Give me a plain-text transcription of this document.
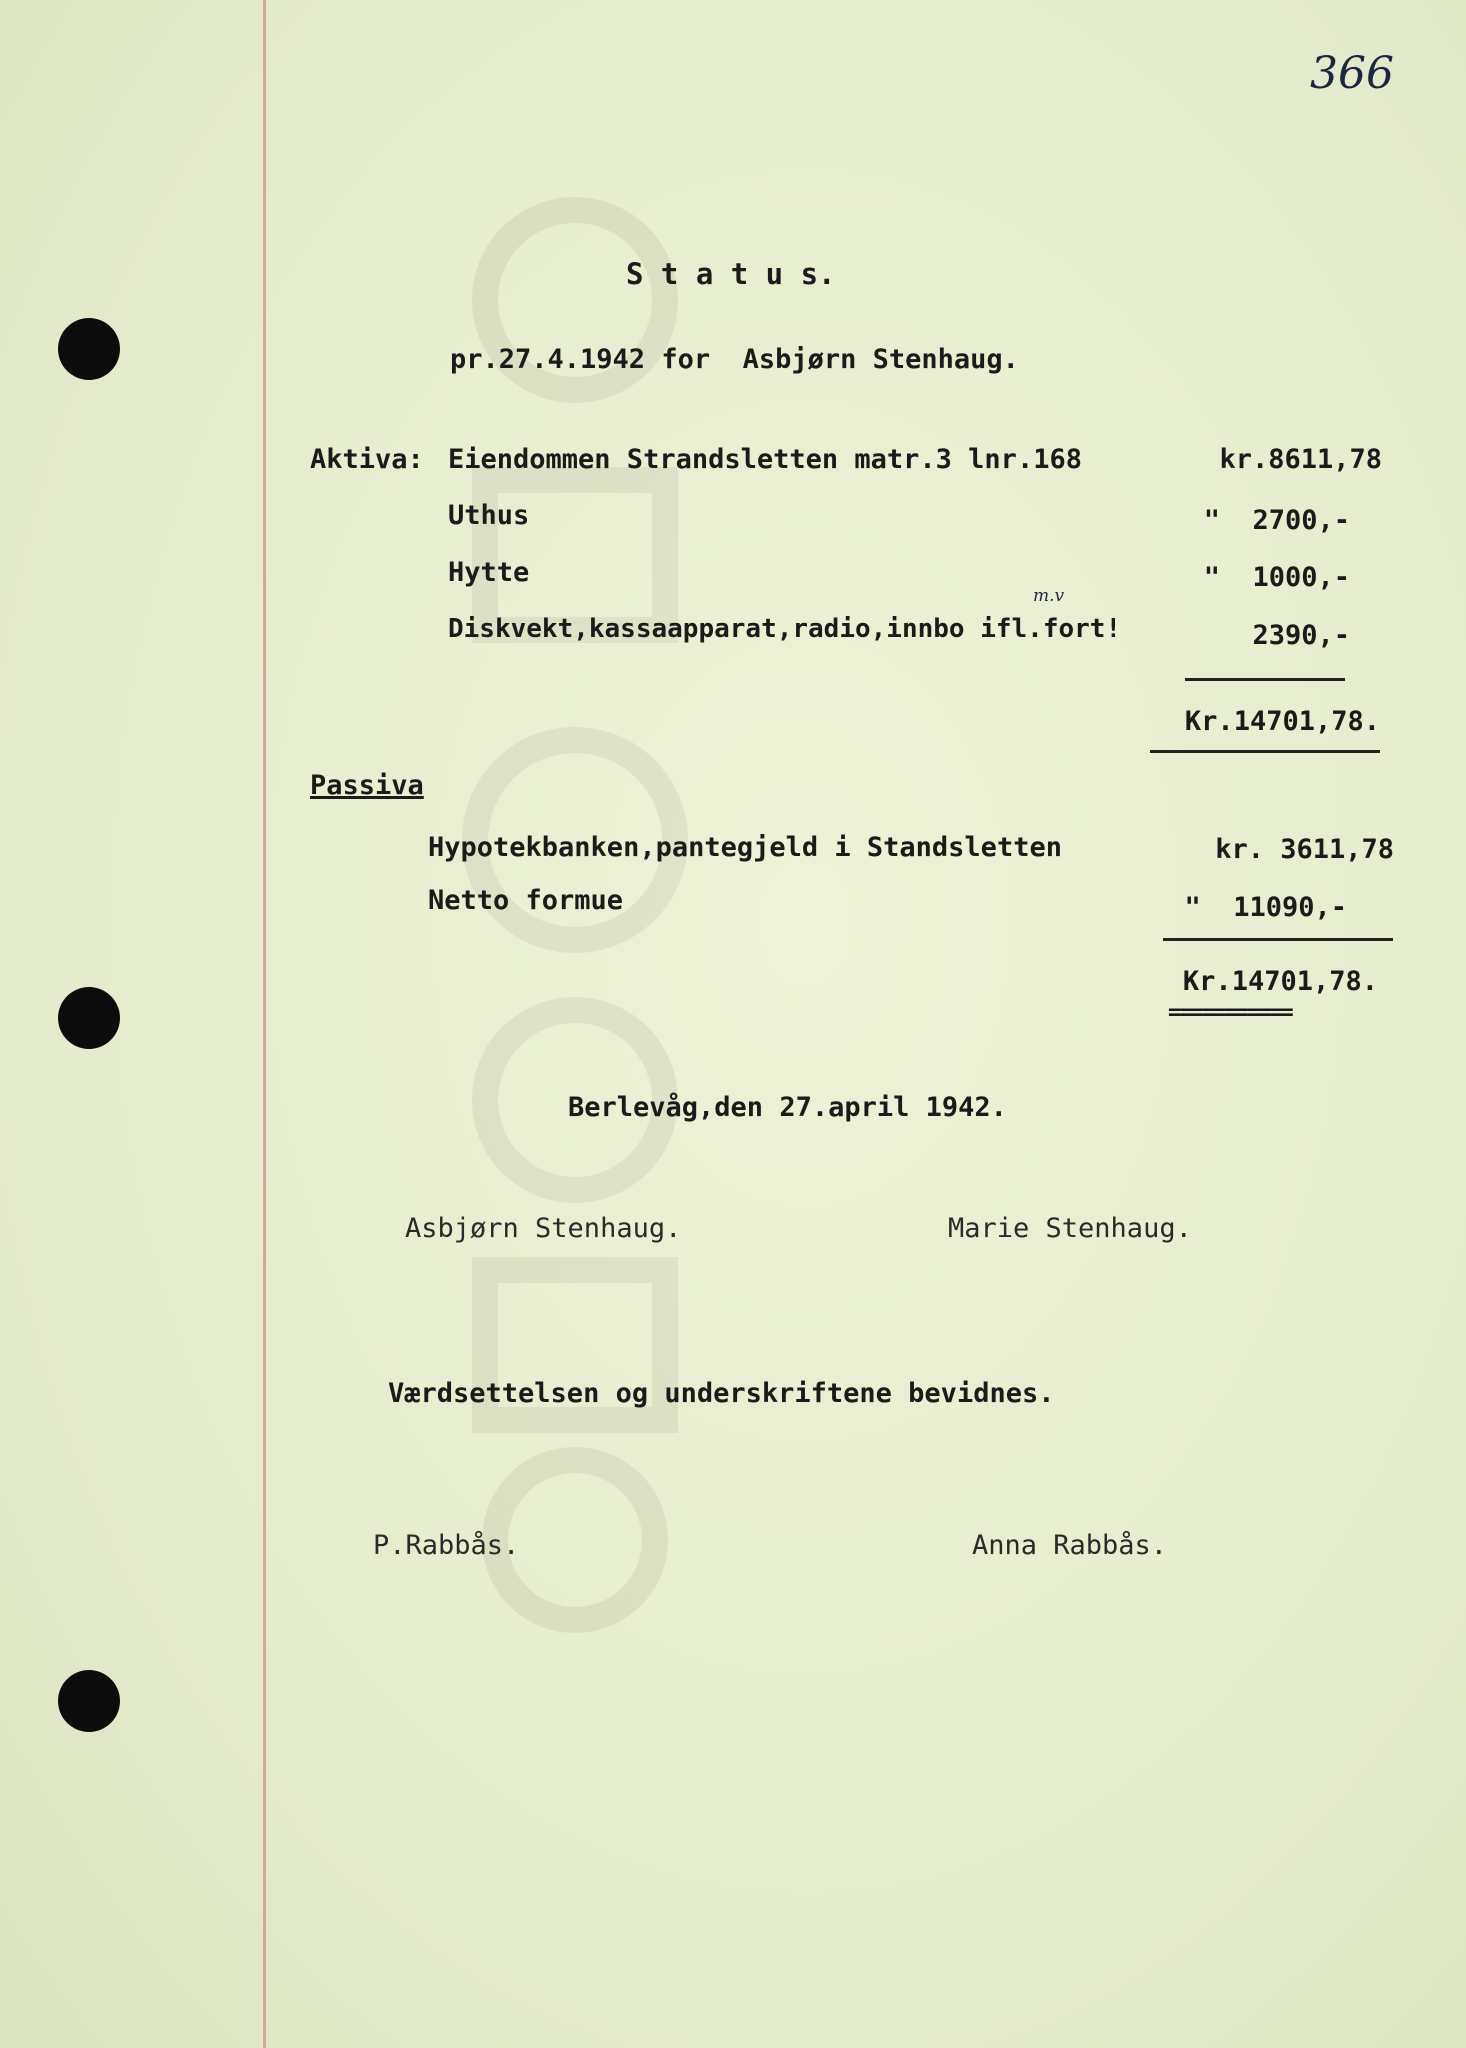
366
S t a t u s.
pr.27.4.1942 for  Asbjørn Stenhaug.
Aktiva: Eiendommen Strandsletten matr.3 lnr.168	kr.8611,78
Uthus	"  2700,-
Hytte	"  1000,-
m.v
Diskvekt,kassaapparat,radio,innbo ifl.fort!	2390,-
Kr.14701,78.
Passiva
Hypotekbanken,pantegjeld i Standsletten	kr. 3611,78
Netto formue	"  11090,-
Kr.14701,78.
===========
Berlevåg,den 27.april 1942.
Asbjørn Stenhaug.	Marie Stenhaug.
Værdsettelsen og underskriftene bevidnes.
P.Rabbås.	Anna Rabbås.
